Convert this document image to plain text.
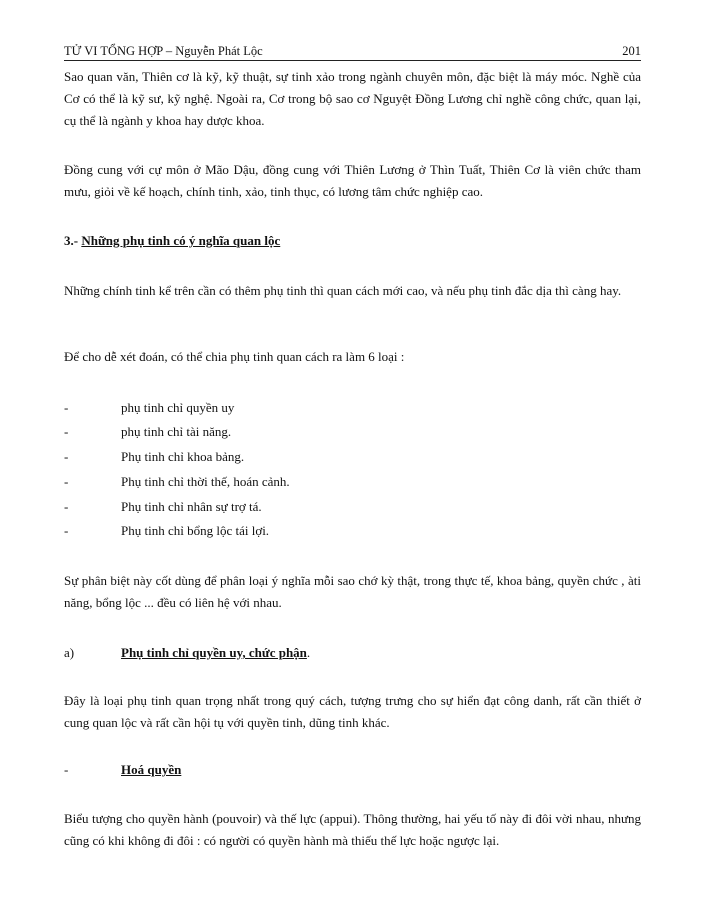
TỬ VI TỔNG HỢP – Nguyễn Phát Lộc	201
Sao quan văn, Thiên cơ là kỹ, kỹ thuật, sự tinh xảo trong ngành chuyên môn, đặc biệt là máy móc. Nghề của Cơ có thể là kỹ sư, kỹ nghệ. Ngoài ra, Cơ trong bộ sao cơ Nguyệt Đồng Lương chỉ nghề công chức, quan lại, cụ thể là ngành y khoa hay dược khoa.
Đồng cung với cự môn ở Mão Dậu, đồng cung với Thiên Lương ở Thìn Tuất, Thiên Cơ là viên chức tham mưu, giỏi về kế hoạch, chính tinh, xảo, tinh thục, có lương tâm chức nghiệp cao.
3.- Những phụ tinh có ý nghĩa quan lộc
Những chính tinh kể trên cần có thêm phụ tinh thì quan cách mới cao, và nếu phụ tinh đắc dịa thì càng hay.
Để cho dễ xét đoán, có thể chia phụ tinh quan cách ra làm 6 loại :
-	phụ tinh chỉ quyền uy
-	phụ tinh chỉ tài năng.
-	Phụ tinh chỉ khoa bảng.
-	Phụ tinh chỉ thời thế, hoán cảnh.
-	Phụ tinh chỉ nhân sự trợ tá.
-	Phụ tinh chỉ bổng lộc tái lợi.
Sự phân biệt này cốt dùng để phân loại ý nghĩa mỗi sao chớ kỳ thật, trong thực tế, khoa bảng, quyền chức , àti năng, bổng lộc ... đều có liên hệ với nhau.
a)	Phụ tinh chỉ quyền uy, chức phận.
Đây là loại phụ tinh quan trọng nhất trong quý cách, tượng trưng cho sự hiển đạt công danh, rất cần thiết ở cung quan lộc và rất cần hội tụ với quyền tinh, dũng tinh khác.
-	Hoá quyền
Biểu tượng cho quyền hành (pouvoir) và thế lực (appui). Thông thường, hai yếu tố này đi đôi vời nhau, nhưng cũng có khi không đi đôi : có người có quyền hành mà thiếu thế lực hoặc ngược lại.
